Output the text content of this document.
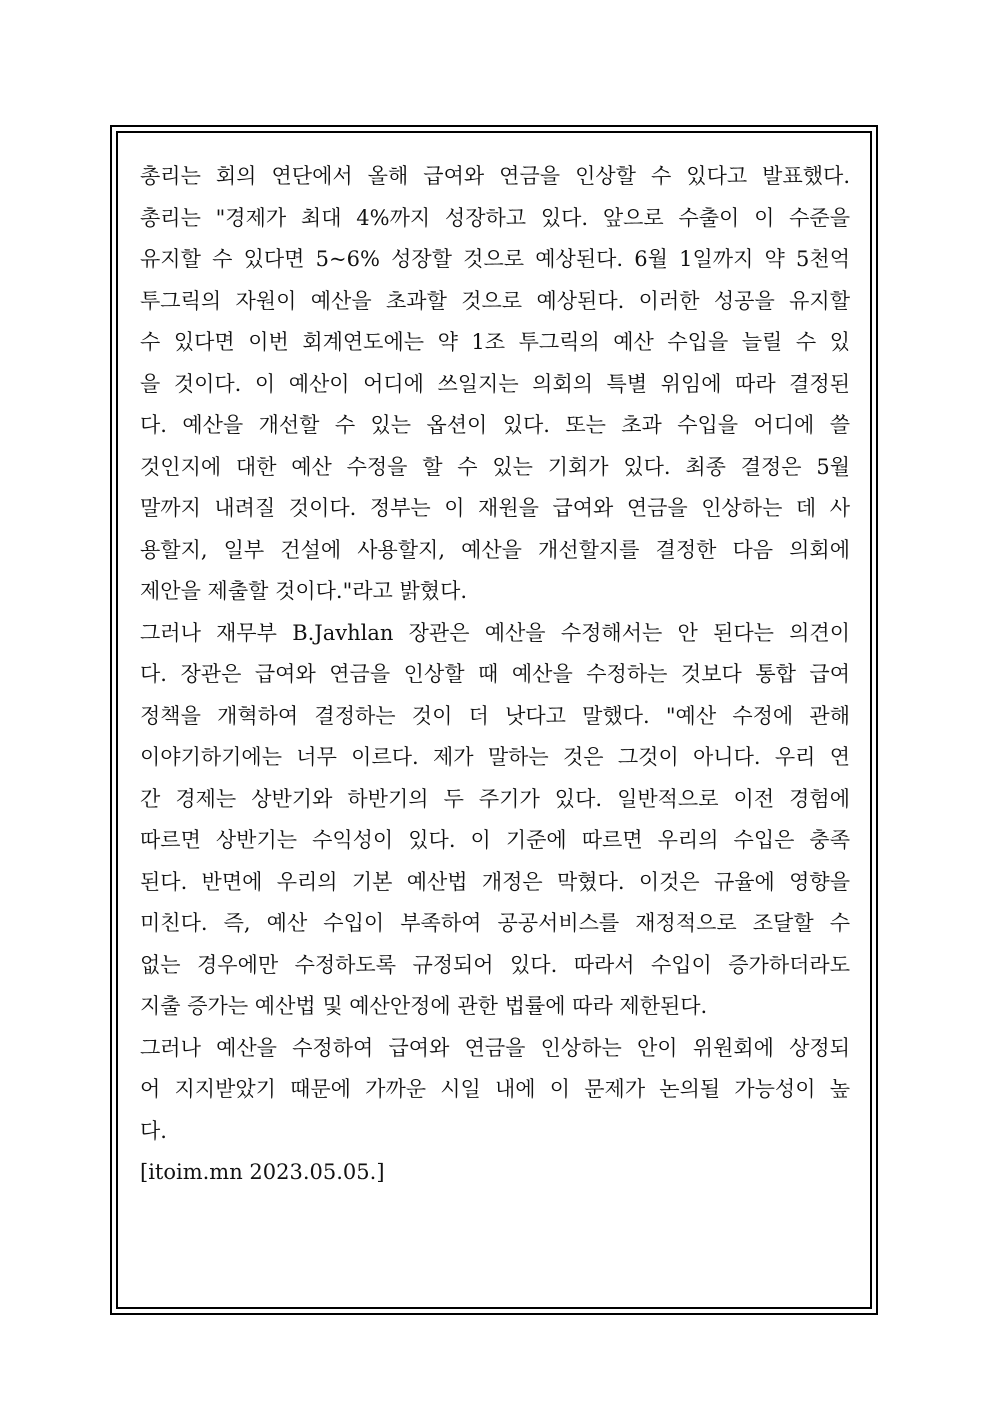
총리는 회의 연단에서 올해 급여와 연금을 인상할 수 있다고 발표했다.
총리는 "경제가 최대 4%까지 성장하고 있다. 앞으로 수출이 이 수준을
유지할 수 있다면 5~6% 성장할 것으로 예상된다. 6월 1일까지 약 5천억
투그릭의 자원이 예산을 초과할 것으로 예상된다. 이러한 성공을 유지할
수 있다면 이번 회계연도에는 약 1조 투그릭의 예산 수입을 늘릴 수 있
을 것이다. 이 예산이 어디에 쓰일지는 의회의 특별 위임에 따라 결정된
다. 예산을 개선할 수 있는 옵션이 있다. 또는 초과 수입을 어디에 쓸
것인지에 대한 예산 수정을 할 수 있는 기회가 있다. 최종 결정은 5월
말까지 내려질 것이다. 정부는 이 재원을 급여와 연금을 인상하는 데 사
용할지, 일부 건설에 사용할지, 예산을 개선할지를 결정한 다음 의회에
제안을 제출할 것이다."라고 밝혔다.
그러나 재무부 B.Javhlan 장관은 예산을 수정해서는 안 된다는 의견이
다. 장관은 급여와 연금을 인상할 때 예산을 수정하는 것보다 통합 급여
정책을 개혁하여 결정하는 것이 더 낫다고 말했다. "예산 수정에 관해
이야기하기에는 너무 이르다. 제가 말하는 것은 그것이 아니다. 우리 연
간 경제는 상반기와 하반기의 두 주기가 있다. 일반적으로 이전 경험에
따르면 상반기는 수익성이 있다. 이 기준에 따르면 우리의 수입은 충족
된다. 반면에 우리의 기본 예산법 개정은 막혔다. 이것은 규율에 영향을
미친다. 즉, 예산 수입이 부족하여 공공서비스를 재정적으로 조달할 수
없는 경우에만 수정하도록 규정되어 있다. 따라서 수입이 증가하더라도
지출 증가는 예산법 및 예산안정에 관한 법률에 따라 제한된다.
그러나 예산을 수정하여 급여와 연금을 인상하는 안이 위원회에 상정되
어 지지받았기 때문에 가까운 시일 내에 이 문제가 논의될 가능성이 높
다.
[itoim.mn 2023.05.05.]
